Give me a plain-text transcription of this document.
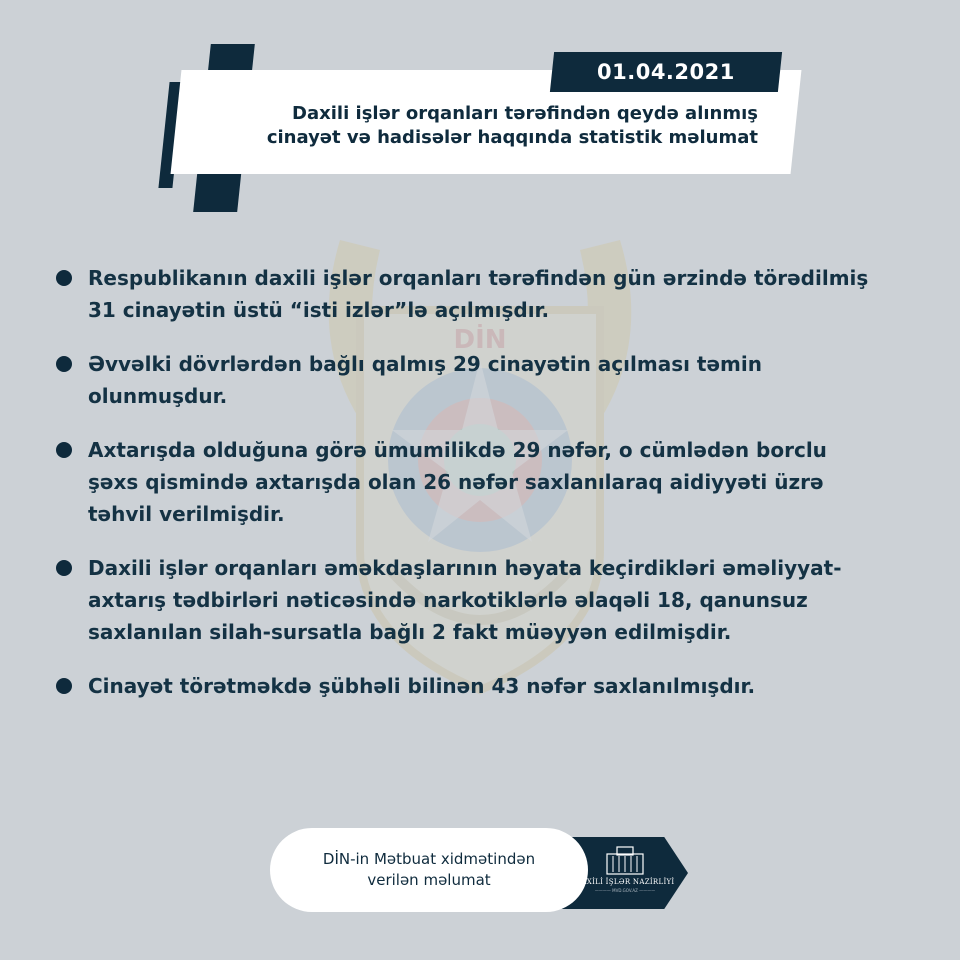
01.04.2021
Daxili işlər orqanları tərəfindən qeydə alınmış
cinayət və hadisələr haqqında statistik məlumat
DİN
Respublikanın daxili işlər orqanları tərəfindən gün ərzində törədilmiş 31 cinayətin üstü “isti izlər”lə açılmışdır.
Əvvəlki dövrlərdən bağlı qalmış 29 cinayətin açılması təmin olunmuşdur.
Axtarışda olduğuna görə ümumilikdə 29 nəfər, o cümlədən borclu şəxs qismində axtarışda olan 26 nəfər saxlanılaraq aidiyyəti üzrə təhvil verilmişdir.
Daxili işlər orqanları əməkdaşlarının həyata keçirdikləri əməliyyat-axtarış tədbirləri nəticəsində narkotiklərlə əlaqəli 18, qanunsuz saxlanılan silah-sursatla bağlı 2 fakt müəyyən edilmişdir.
Cinayət törətməkdə şübhəli bilinən 43 nəfər saxlanılmışdır.
DİN-in Mətbuat xidmətindən
verilən məlumat	DAXİLİ İŞLƏR NAZİRLİYİ
———— MVD.GOV.AZ ————
